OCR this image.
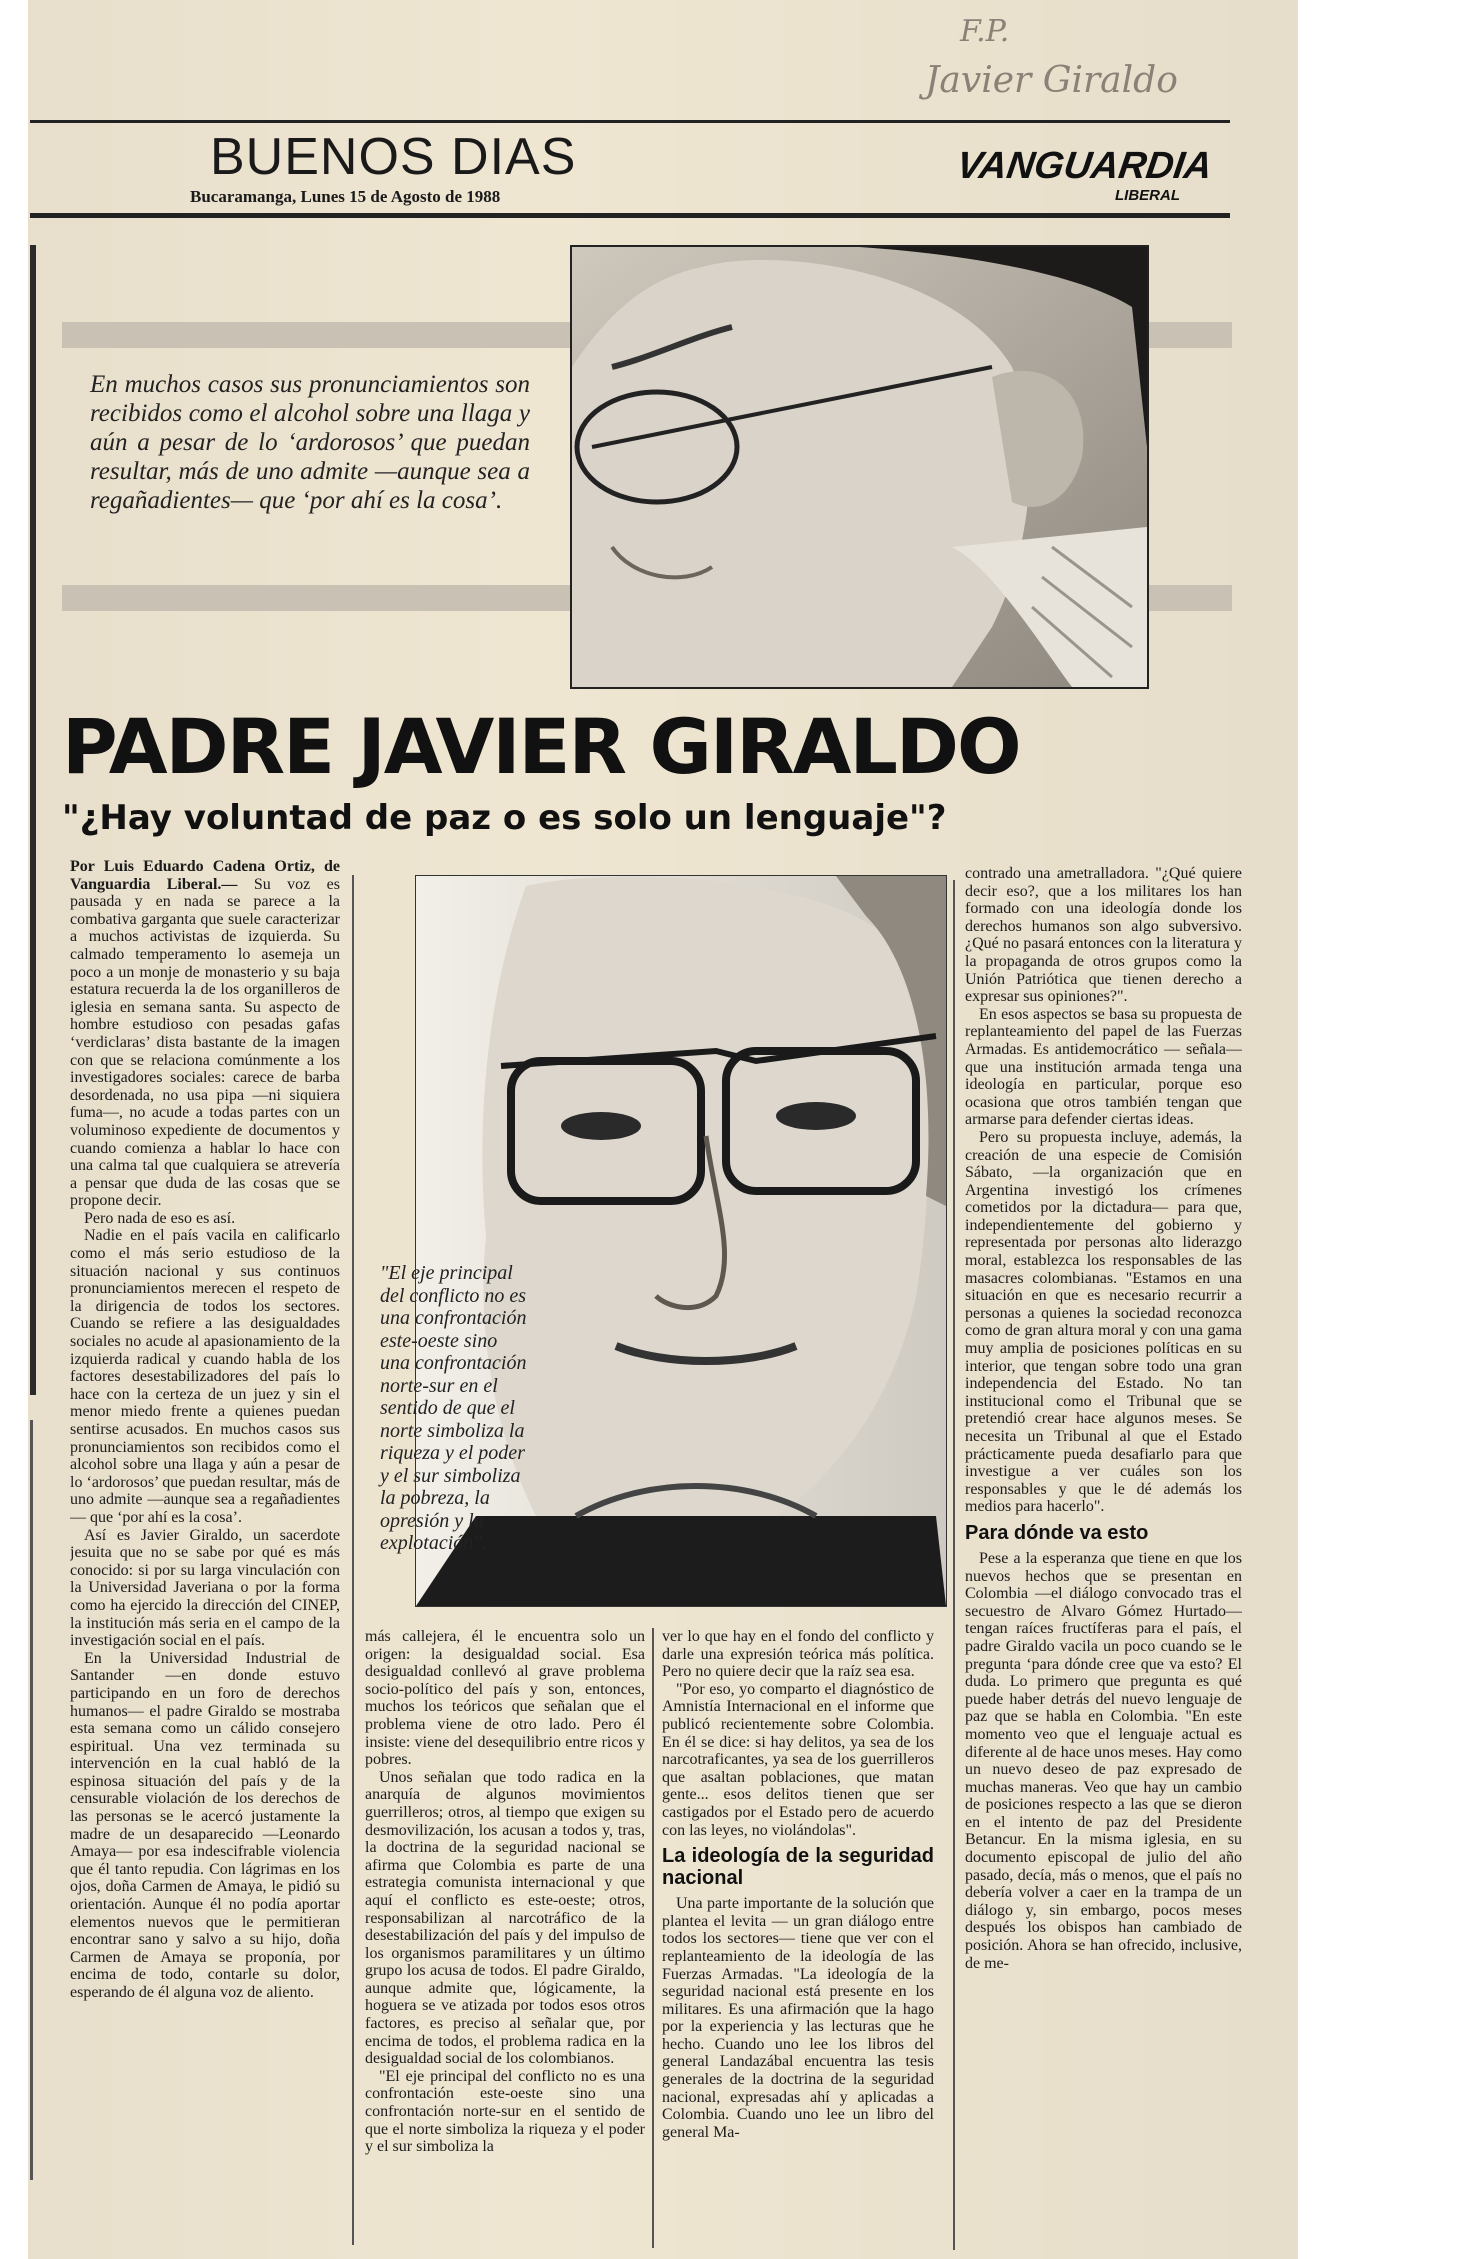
F.P.
Javier Giraldo
BUENOS DIAS
Bucaramanga, Lunes 15 de Agosto de 1988
VANGUARDIA
LIBERAL
En muchos casos sus pronunciamientos son recibidos como el alcohol sobre una llaga y aún a pesar de lo ‘ardorosos’ que puedan resultar, más de uno admite —aunque sea a regañadientes— que ‘por ahí es la cosa’.
PADRE JAVIER GIRALDO
"¿Hay voluntad de paz o es solo un lenguaje"?
"El eje principal del conflicto no es una confrontación este-oeste sino una confrontación norte-sur en el sentido de que el norte simboliza la riqueza y el poder y el sur simboliza la pobreza, la opresión y la explotación".

Por Luis Eduardo Cadena Ortiz, de Vanguardia Liberal.— Su voz es pausada y en nada se parece a la combativa garganta que suele caracterizar a muchos activistas de izquierda. Su calmado temperamento lo asemeja un poco a un monje de monasterio y su baja estatura recuerda la de los organilleros de iglesia en semana santa. Su aspecto de hombre estudioso con pesadas gafas ‘verdiclaras’ dista bastante de la imagen con que se relaciona comúnmente a los investigadores sociales: carece de barba desordenada, no usa pipa —ni siquiera fuma—, no acude a todas partes con un voluminoso expediente de documentos y cuando comienza a hablar lo hace con una calma tal que cualquiera se atrevería a pensar que duda de las cosas que se propone decir.

Pero nada de eso es así.

Nadie en el país vacila en calificarlo como el más serio estudioso de la situación nacional y sus continuos pronunciamientos merecen el respeto de la dirigencia de todos los sectores. Cuando se refiere a las desigualdades sociales no acude al apasionamiento de la izquierda radical y cuando habla de los factores desestabilizadores del país lo hace con la certeza de un juez y sin el menor miedo frente a quienes puedan sentirse acusados. En muchos casos sus pronunciamientos son recibidos como el alcohol sobre una llaga y aún a pesar de lo ‘ardorosos’ que puedan resultar, más de uno admite —aunque sea a regañadientes— que ‘por ahí es la cosa’.

Así es Javier Giraldo, un sacerdote jesuita que no se sabe por qué es más conocido: si por su larga vinculación con la Universidad Javeriana o por la forma como ha ejercido la dirección del CINEP, la institución más seria en el campo de la investigación social en el país.

En la Universidad Industrial de Santander —en donde estuvo participando en un foro de derechos humanos— el padre Giraldo se mostraba esta semana como un cálido consejero espiritual. Una vez terminada su intervención en la cual habló de la espinosa situación del país y de la censurable violación de los derechos de las personas se le acercó justamente la madre de un desaparecido —Leonardo Amaya— por esa indescifrable violencia que él tanto repudia. Con lágrimas en los ojos, doña Carmen de Amaya, le pidió su orientación. Aunque él no podía aportar elementos nuevos que le permitieran encontrar sano y salvo a su hijo, doña Carmen de Amaya se proponía, por encima de todo, contarle su dolor, esperando de él alguna voz de aliento.

más callejera, él le encuentra solo un origen: la desigualdad social. Esa desigualdad conllevó al grave problema socio-político del país y son, entonces, muchos los teóricos que señalan que el problema viene de otro lado. Pero él insiste: viene del desequilibrio entre ricos y pobres.

Unos señalan que todo radica en la anarquía de algunos movimientos guerrilleros; otros, al tiempo que exigen su desmovilización, los acusan a todos y, tras, la doctrina de la seguridad nacional se afirma que Colombia es parte de una estrategia comunista internacional y que aquí el conflicto es este-oeste; otros, responsabilizan al narcotráfico de la desestabilización del país y del impulso de los organismos paramilitares y un último grupo los acusa de todos. El padre Giraldo, aunque admite que, lógicamente, la hoguera se ve atizada por todos esos otros factores, es preciso al señalar que, por encima de todos, el problema radica en la desigualdad social de los colombianos.

"El eje principal del conflicto no es una confrontación este-oeste sino una confrontación norte-sur en el sentido de que el norte simboliza la riqueza y el poder y el sur simboliza la

ver lo que hay en el fondo del conflicto y darle una expresión teórica más política. Pero no quiere decir que la raíz sea esa.

"Por eso, yo comparto el diagnóstico de Amnistía Internacional en el informe que publicó recientemente sobre Colombia. En él se dice: si hay delitos, ya sea de los narcotraficantes, ya sea de los guerrilleros que asaltan poblaciones, que matan gente... esos delitos tienen que ser castigados por el Estado pero de acuerdo con las leyes, no violándolas".

La ideología de la seguridad nacional

Una parte importante de la solución que plantea el levita — un gran diálogo entre todos los sectores— tiene que ver con el replanteamiento de la ideología de las Fuerzas Armadas. "La ideología de la seguridad nacional está presente en los militares. Es una afirmación que la hago por la experiencia y las lecturas que he hecho. Cuando uno lee los libros del general Landazábal encuentra las tesis generales de la doctrina de la seguridad nacional, expresadas ahí y aplicadas a Colombia. Cuando uno lee un libro del general Ma-

contrado una ametralladora. "¿Qué quiere decir eso?, que a los militares los han formado con una ideología donde los derechos humanos son algo subversivo. ¿Qué no pasará entonces con la literatura y la propaganda de otros grupos como la Unión Patriótica que tienen derecho a expresar sus opiniones?".

En esos aspectos se basa su propuesta de replanteamiento del papel de las Fuerzas Armadas. Es antidemocrático — señala— que una institución armada tenga una ideología en particular, porque eso ocasiona que otros también tengan que armarse para defender ciertas ideas.

Pero su propuesta incluye, además, la creación de una especie de Comisión Sábato, —la organización que en Argentina investigó los crímenes cometidos por la dictadura— para que, independientemente del gobierno y representada por personas alto liderazgo moral, establezca los responsables de las masacres colombianas. "Estamos en una situación en que es necesario recurrir a personas a quienes la sociedad reconozca como de gran altura moral y con una gama muy amplia de posiciones políticas en su interior, que tengan sobre todo una gran independencia del Estado. No tan institucional como el Tribunal que se pretendió crear hace algunos meses. Se necesita un Tribunal al que el Estado prácticamente pueda desafiarlo para que investigue a ver cuáles son los responsables y que le dé además los medios para hacerlo".

Para dónde va esto

Pese a la esperanza que tiene en que los nuevos hechos que se presentan en Colombia —el diálogo convocado tras el secuestro de Alvaro Gómez Hurtado— tengan raíces fructíferas para el país, el padre Giraldo vacila un poco cuando se le pregunta ‘para dónde cree que va esto? El duda. Lo primero que pregunta es qué puede haber detrás del nuevo lenguaje de paz que se habla en Colombia. "En este momento veo que el lenguaje actual es diferente al de hace unos meses. Hay como un nuevo deseo de paz expresado de muchas maneras. Veo que hay un cambio de posiciones respecto a las que se dieron en el intento de paz del Presidente Betancur. En la misma iglesia, en su documento episcopal de julio del año pasado, decía, más o menos, que el país no debería volver a caer en la trampa de un diálogo y, sin embargo, pocos meses después los obispos han cambiado de posición. Ahora se han ofrecido, inclusive, de me-
